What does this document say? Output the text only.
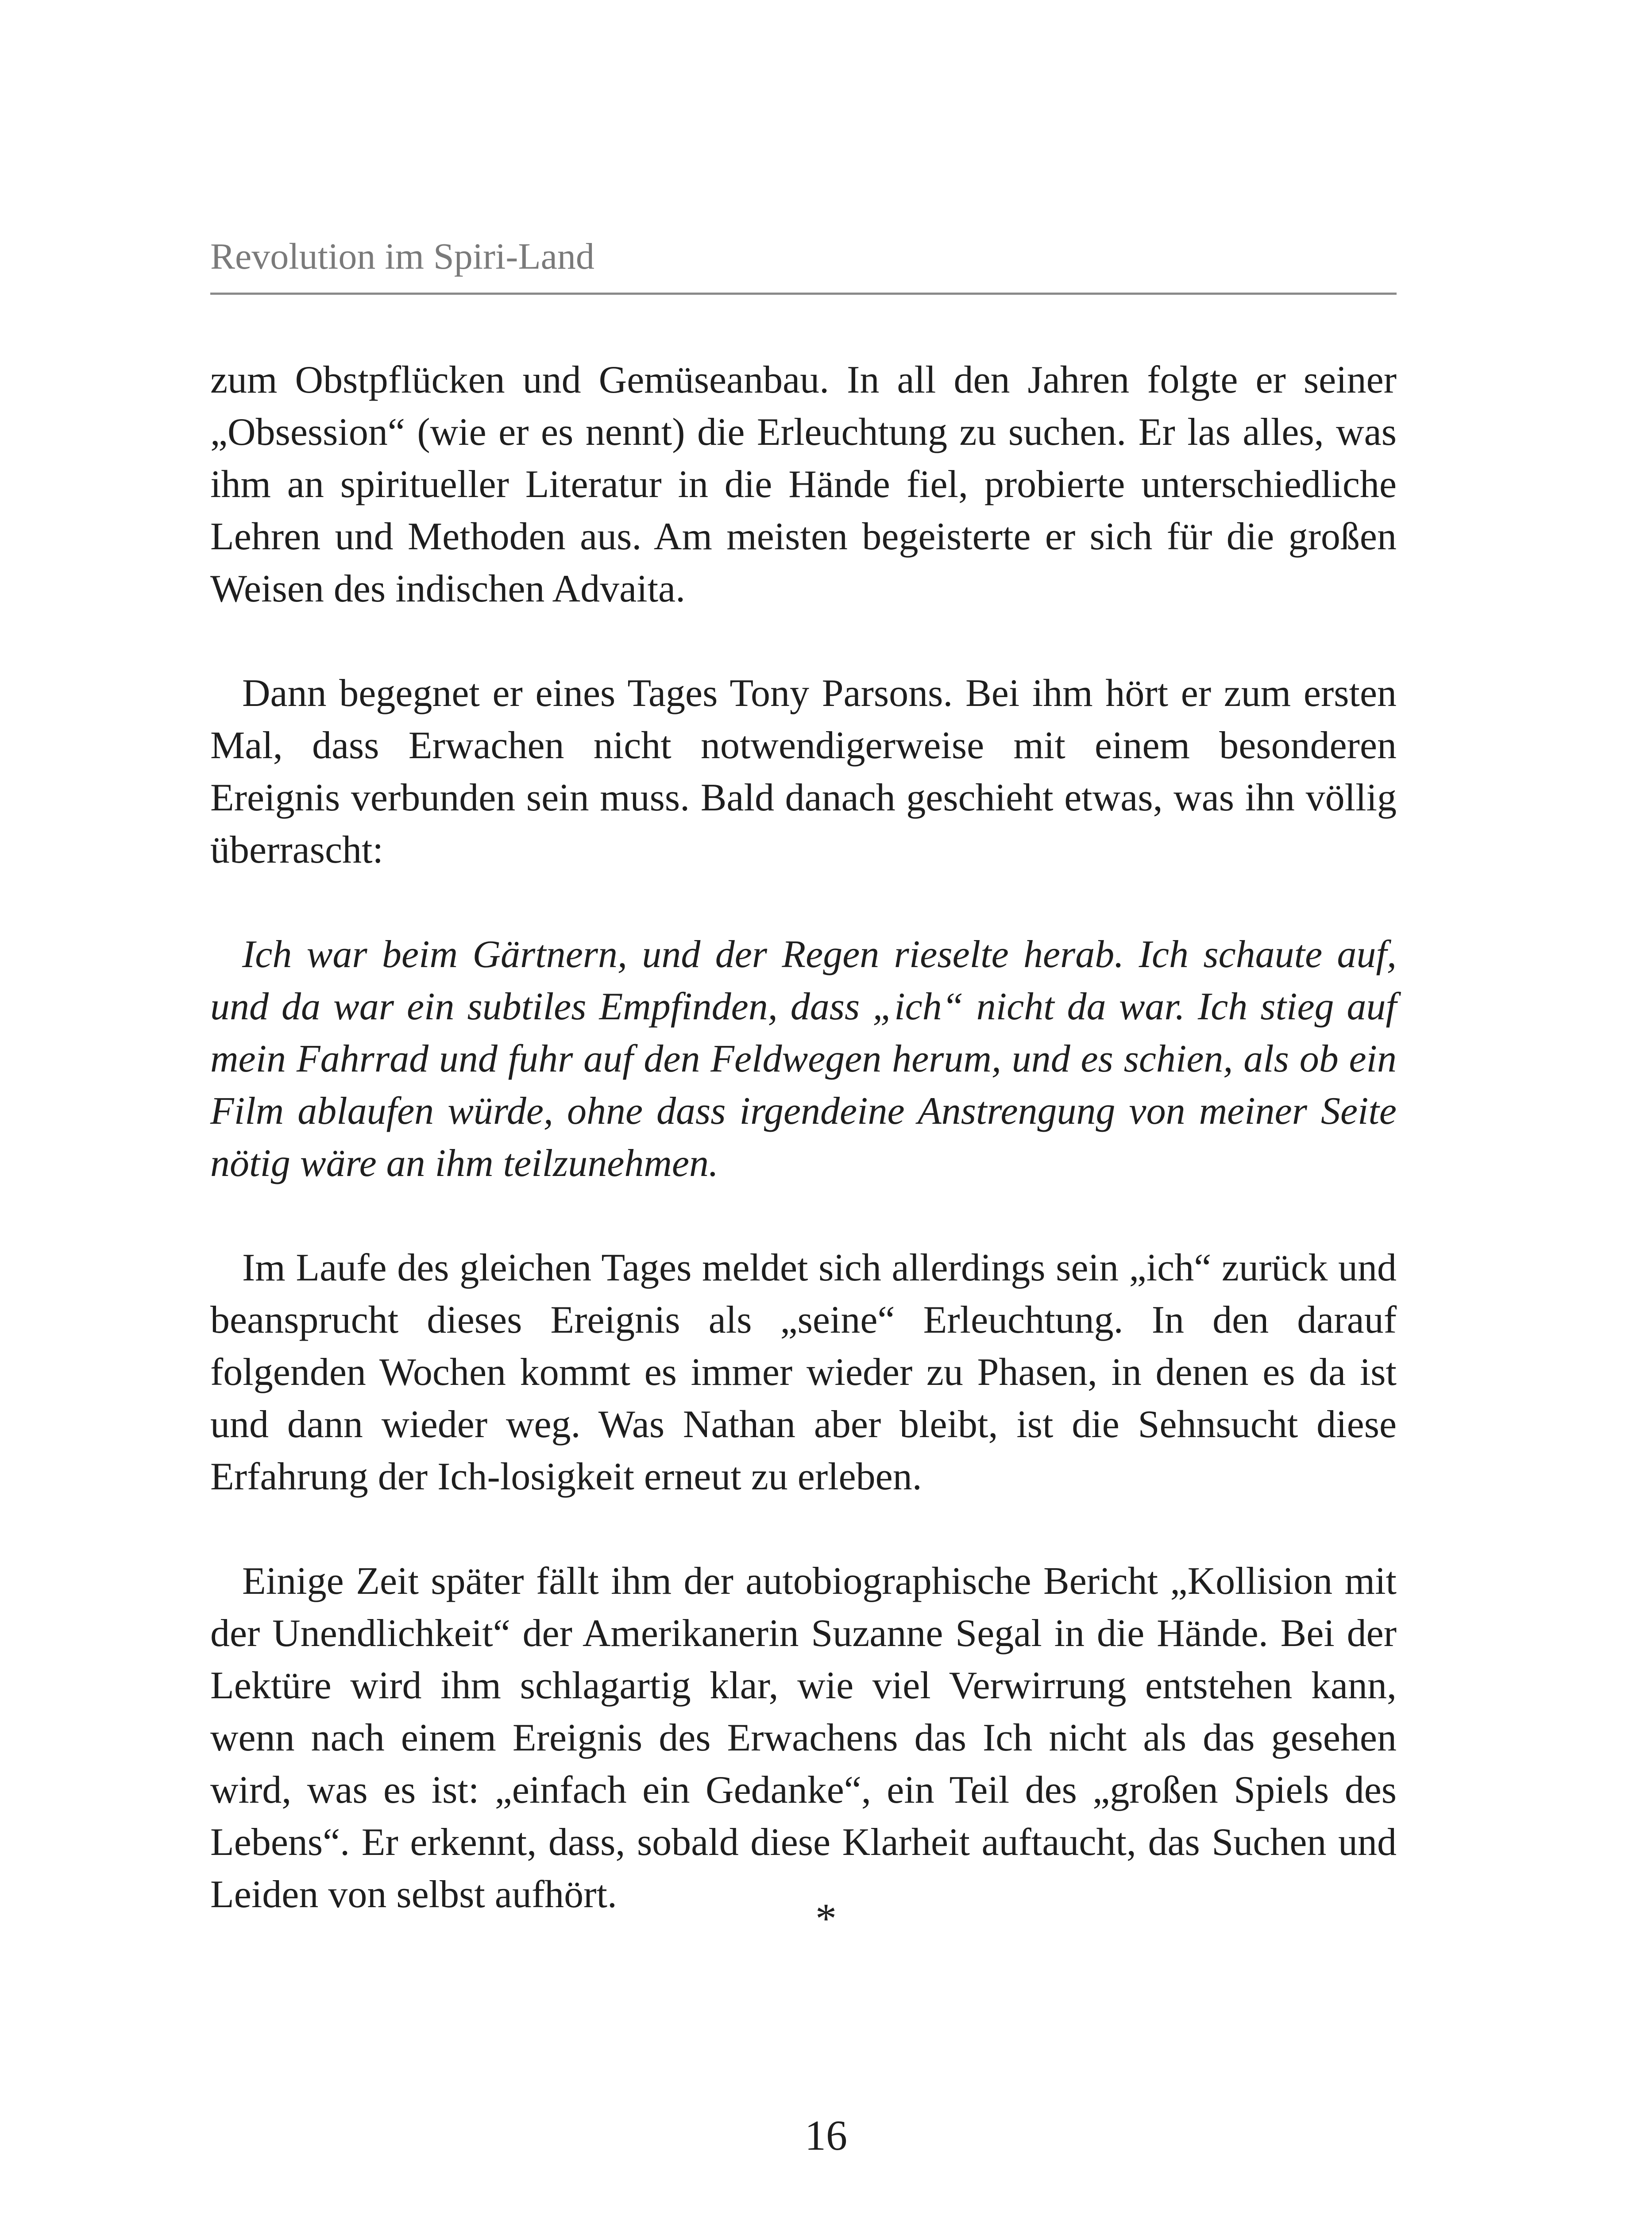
Revolution im Spiri-Land

zum Obstpflücken und Gemüseanbau. In all den Jahren folgte er seiner „Obsession“ (wie er es nennt) die Erleuchtung zu suchen. Er las alles, was ihm an spiritueller Literatur in die Hände fiel, probierte unterschiedliche Lehren und Methoden aus. Am meisten begeisterte er sich für die großen Weisen des indischen Advaita.

Dann begegnet er eines Tages Tony Parsons. Bei ihm hört er zum ersten Mal, dass Erwachen nicht notwendigerweise mit einem besonderen Ereignis verbunden sein muss. Bald danach geschieht etwas, was ihn völlig überrascht:

Ich war beim Gärtnern, und der Regen rieselte herab. Ich schaute auf, und da war ein subtiles Empfinden, dass „ich“ nicht da war. Ich stieg auf mein Fahrrad und fuhr auf den Feldwegen herum, und es schien, als ob ein Film ablaufen würde, ohne dass irgendeine Anstrengung von meiner Seite nötig wäre an ihm teilzunehmen.

Im Laufe des gleichen Tages meldet sich allerdings sein „ich“ zurück und beansprucht dieses Ereignis als „seine“ Erleuchtung. In den darauf folgenden Wochen kommt es immer wieder zu Phasen, in denen es da ist und dann wieder weg. Was Nathan aber bleibt, ist die Sehnsucht diese Erfahrung der Ich-losigkeit erneut zu erleben.

Einige Zeit später fällt ihm der autobiographische Bericht „Kollision mit der Unendlichkeit“ der Amerikanerin Suzanne Segal in die Hände. Bei der Lektüre wird ihm schlagartig klar, wie viel Verwirrung entstehen kann, wenn nach einem Ereignis des Erwachens das Ich nicht als das gesehen wird, was es ist: „einfach ein Gedanke“, ein Teil des „großen Spiels des Lebens“. Er erkennt, dass, sobald diese Klarheit auftaucht, das Suchen und Leiden von selbst aufhört.

*
16
